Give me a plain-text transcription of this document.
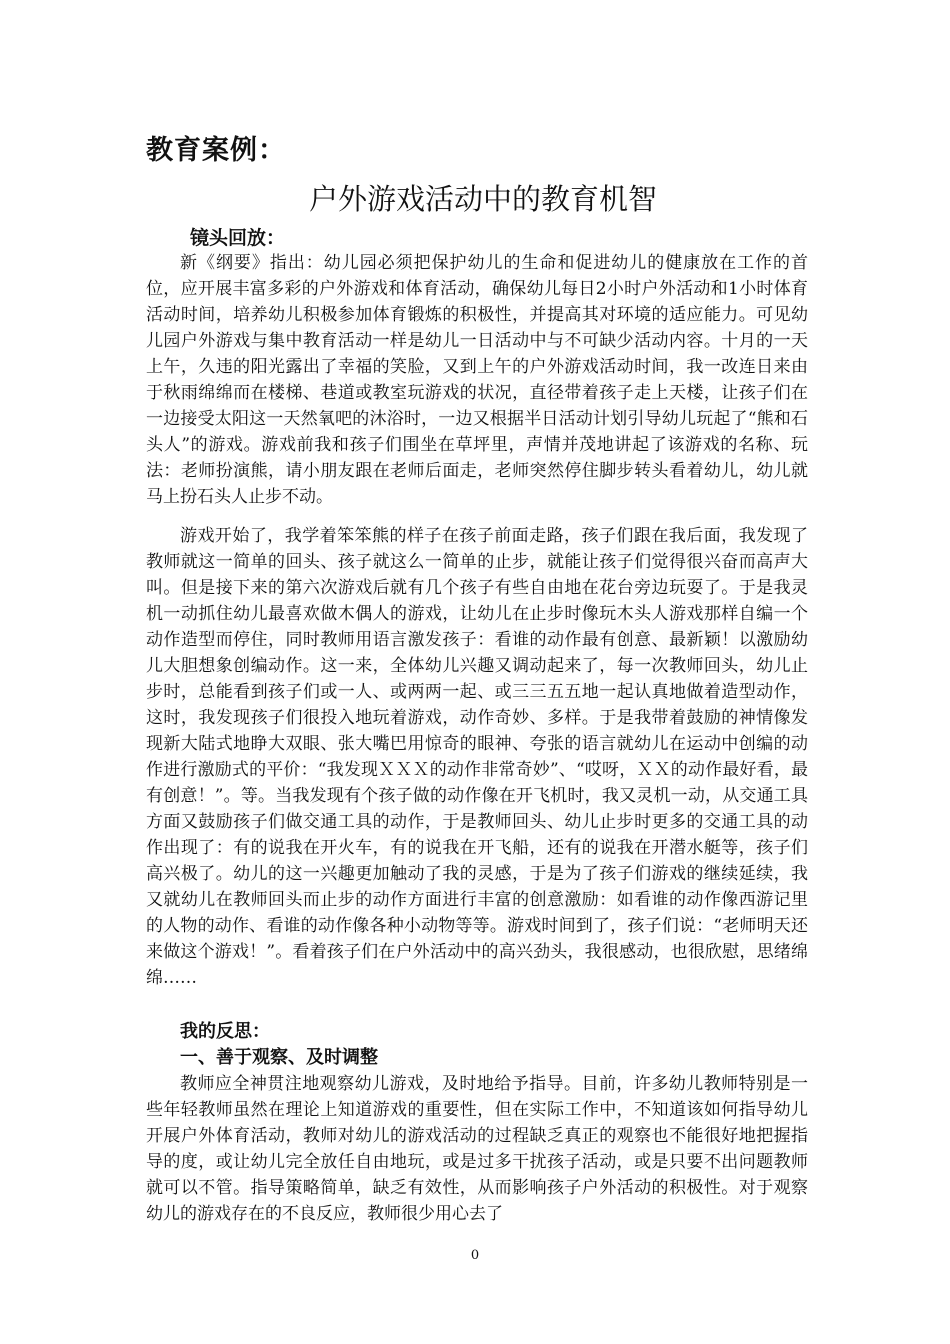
教育案例：
户外游戏活动中的教育机智
镜头回放：

新《纲要》指出：幼儿园必须把保护幼儿的生命和促进幼儿的健康放在工作的首位，应开展丰富多彩的户外游戏和体育活动，确保幼儿每日2小时户外活动和1小时体育活动时间，培养幼儿积极参加体育锻炼的积极性，并提高其对环境的适应能力。可见幼儿园户外游戏与集中教育活动一样是幼儿一日活动中与不可缺少活动内容。十月的一天上午，久违的阳光露出了幸福的笑脸，又到上午的户外游戏活动时间，我一改连日来由于秋雨绵绵而在楼梯、巷道或教室玩游戏的状况，直径带着孩子走上天楼，让孩子们在一边接受太阳这一天然氧吧的沐浴时，一边又根据半日活动计划引导幼儿玩起了“熊和石头人”的游戏。游戏前我和孩子们围坐在草坪里，声情并茂地讲起了该游戏的名称、玩法：老师扮演熊，请小朋友跟在老师后面走，老师突然停住脚步转头看着幼儿，幼儿就马上扮石头人止步不动。

游戏开始了，我学着笨笨熊的样子在孩子前面走路，孩子们跟在我后面，我发现了教师就这一简单的回头、孩子就这么一简单的止步，就能让孩子们觉得很兴奋而高声大叫。但是接下来的第六次游戏后就有几个孩子有些自由地在花台旁边玩耍了。于是我灵机一动抓住幼儿最喜欢做木偶人的游戏，让幼儿在止步时像玩木头人游戏那样自编一个动作造型而停住，同时教师用语言激发孩子：看谁的动作最有创意、最新颖！以激励幼儿大胆想象创编动作。这一来，全体幼儿兴趣又调动起来了，每一次教师回头，幼儿止步时，总能看到孩子们或一人、或两两一起、或三三五五地一起认真地做着造型动作，这时，我发现孩子们很投入地玩着游戏，动作奇妙、多样。于是我带着鼓励的神情像发现新大陆式地睁大双眼、张大嘴巴用惊奇的眼神、夸张的语言就幼儿在运动中创编的动作进行激励式的平价：“我发现ＸＸＸ的动作非常奇妙”、“哎呀，ＸＸ的动作最好看，最有创意！”。等。当我发现有个孩子做的动作像在开飞机时，我又灵机一动，从交通工具方面又鼓励孩子们做交通工具的动作，于是教师回头、幼儿止步时更多的交通工具的动作出现了：有的说我在开火车，有的说我在开飞船，还有的说我在开潜水艇等，孩子们高兴极了。幼儿的这一兴趣更加触动了我的灵感，于是为了孩子们游戏的继续延续，我又就幼儿在教师回头而止步的动作方面进行丰富的创意激励：如看谁的动作像西游记里的人物的动作、看谁的动作像各种小动物等等。游戏时间到了，孩子们说：“老师明天还来做这个游戏！”。看着孩子们在户外活动中的高兴劲头，我很感动，也很欣慰，思绪绵绵……

我的反思：
一、善于观察、及时调整

教师应全神贯注地观察幼儿游戏，及时地给予指导。目前，许多幼儿教师特别是一些年轻教师虽然在理论上知道游戏的重要性，但在实际工作中，不知道该如何指导幼儿开展户外体育活动，教师对幼儿的游戏活动的过程缺乏真正的观察也不能很好地把握指导的度，或让幼儿完全放任自由地玩，或是过多干扰孩子活动，或是只要不出问题教师就可以不管。指导策略简单，缺乏有效性，从而影响孩子户外活动的积极性。对于观察幼儿的游戏存在的不良反应，教师很少用心去了

0
